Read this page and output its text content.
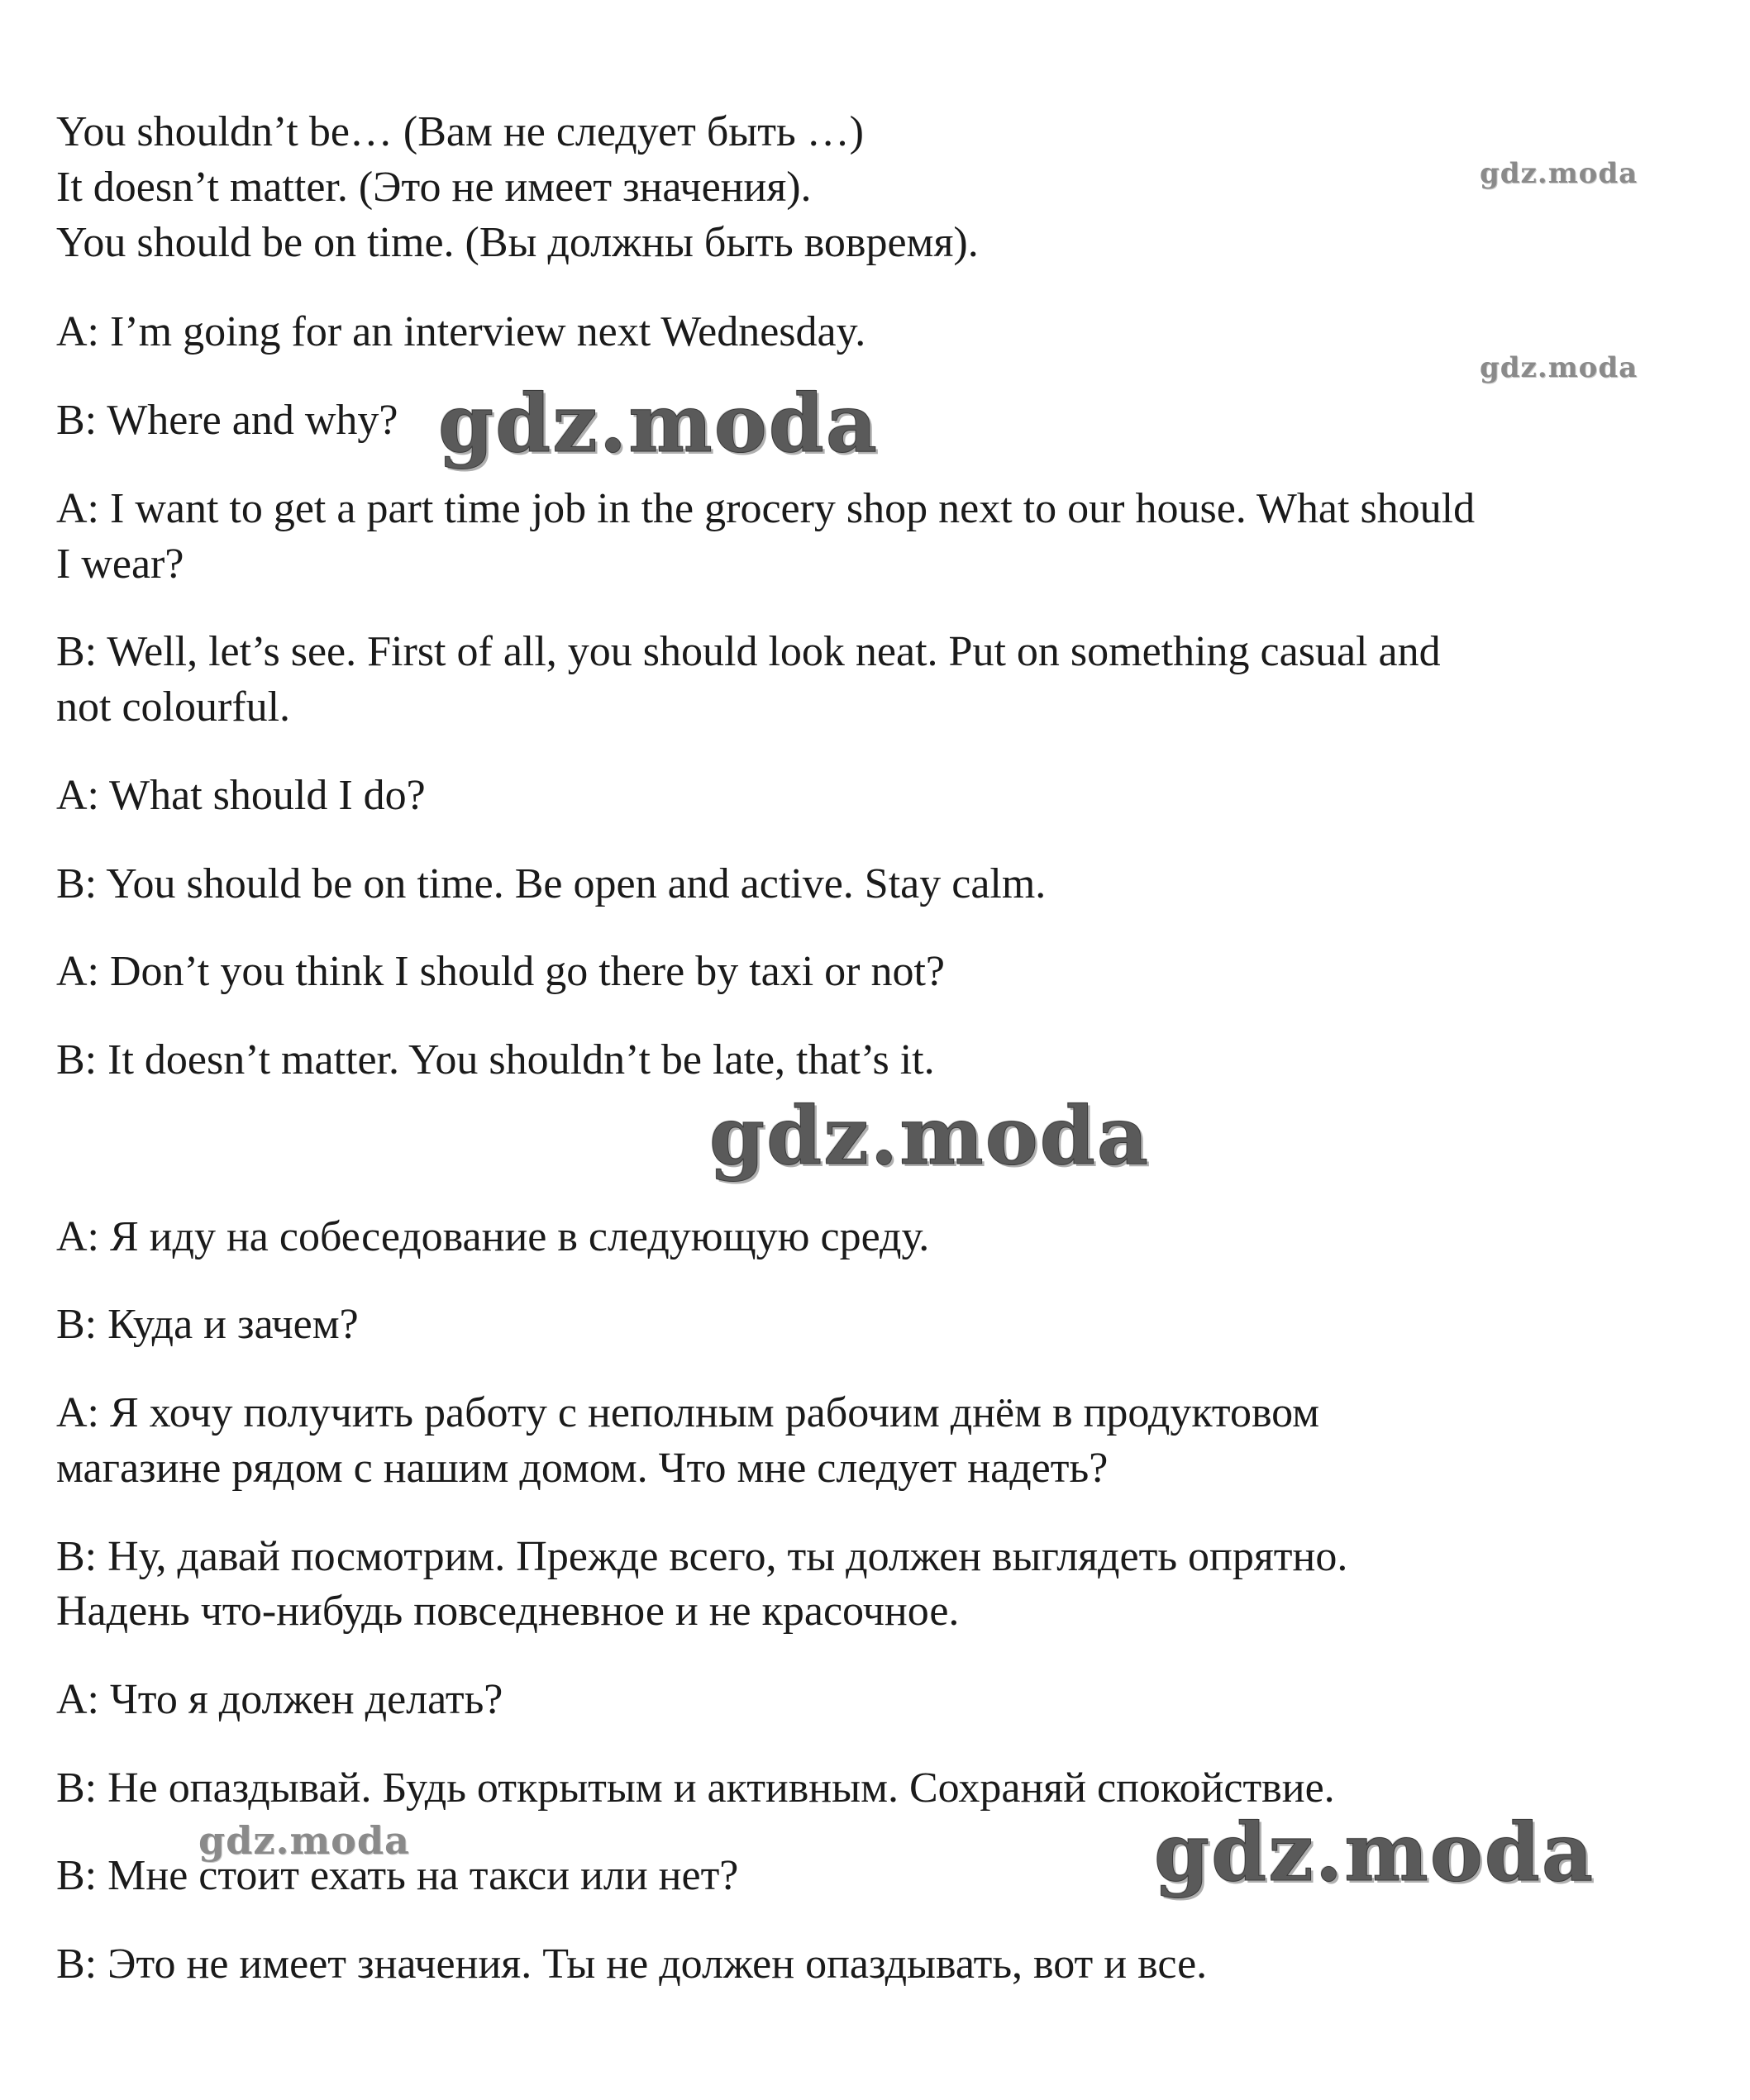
You shouldn’t be… (Вам не следует быть …)

It doesn’t matter. (Это не имеет значения).

You should be on time. (Вы должны быть вовремя).

A: I’m going for an interview next Wednesday.

B: Where and why?

A: I want to get a part time job in the grocery shop next to our house. What should

I wear?

B: Well, let’s see. First of all, you should look neat. Put on something casual and

not colourful.

A: What should I do?

B: You should be on time. Be open and active. Stay calm.

A: Don’t you think I should go there by taxi or not?

B: It doesn’t matter. You shouldn’t be late, that’s it.

A: Я иду на собеседование в следующую среду.

B: Куда и зачем?

A: Я хочу получить работу с неполным рабочим днём в продуктовом

магазине рядом с нашим домом. Что мне следует надеть?

B: Ну, давай посмотрим. Прежде всего, ты должен выглядеть опрятно.

Надень что-нибудь повседневное и не красочное.

A: Что я должен делать?

B: Не опаздывай. Будь открытым и активным. Сохраняй спокойствие.

B: Мне стоит ехать на такси или нет?

B: Это не имеет значения. Ты не должен опаздывать, вот и все.

gdz.moda
gdz.moda
gdz.moda
gdz.moda
gdz.moda	gdz.moda
